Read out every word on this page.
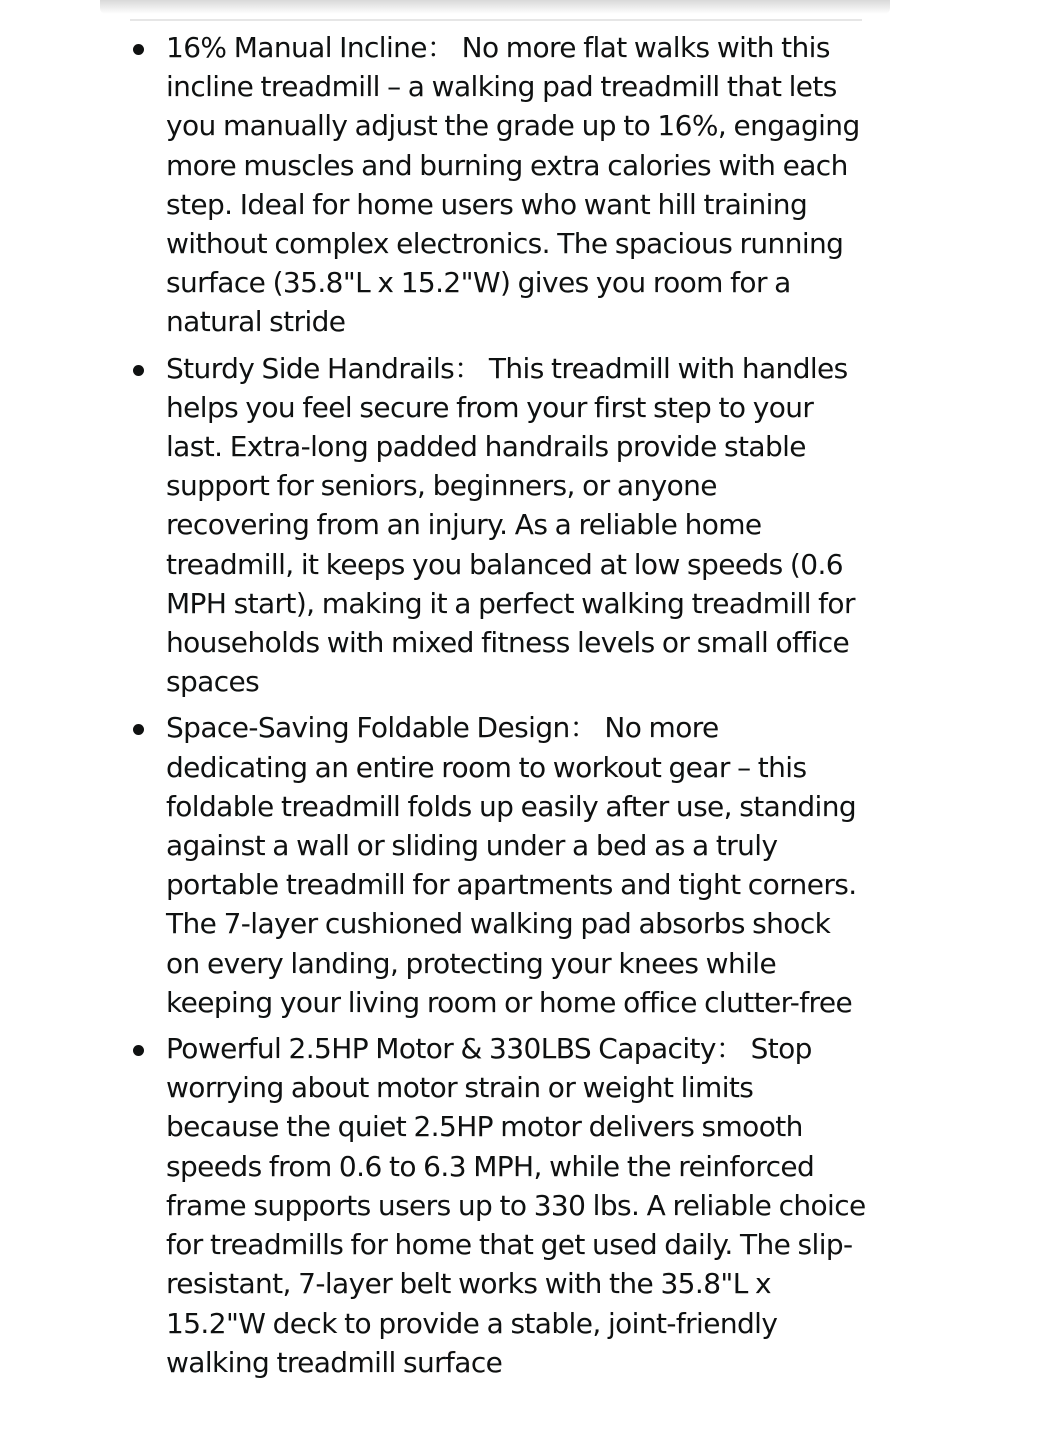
16% Manual Incline： No more flat walks with this incline treadmill – a walking pad treadmill that lets you manually adjust the grade up to 16%, engaging more muscles and burning extra calories with each step. Ideal for home users who want hill training without complex electronics. The spacious running surface (35.8"L x 15.2"W) gives you room for a natural stride
Sturdy Side Handrails： This treadmill with handles helps you feel secure from your first step to your last. Extra-long padded handrails provide stable support for seniors, beginners, or anyone recovering from an injury. As a reliable home treadmill, it keeps you balanced at low speeds (0.6 MPH start), making it a perfect walking treadmill for households with mixed fitness levels or small office spaces
Space-Saving Foldable Design： No more dedicating an entire room to workout gear – this foldable treadmill folds up easily after use, standing against a wall or sliding under a bed as a truly portable treadmill for apartments and tight corners. The 7-layer cushioned walking pad absorbs shock on every landing, protecting your knees while keeping your living room or home office clutter-free
Powerful 2.5HP Motor & 330LBS Capacity： Stop worrying about motor strain or weight limits because the quiet 2.5HP motor delivers smooth speeds from 0.6 to 6.3 MPH, while the reinforced frame supports users up to 330 lbs. A reliable choice for treadmills for home that get used daily. The slip-resistant, 7-layer belt works with the 35.8"L x 15.2"W deck to provide a stable, joint-friendly walking treadmill surface
